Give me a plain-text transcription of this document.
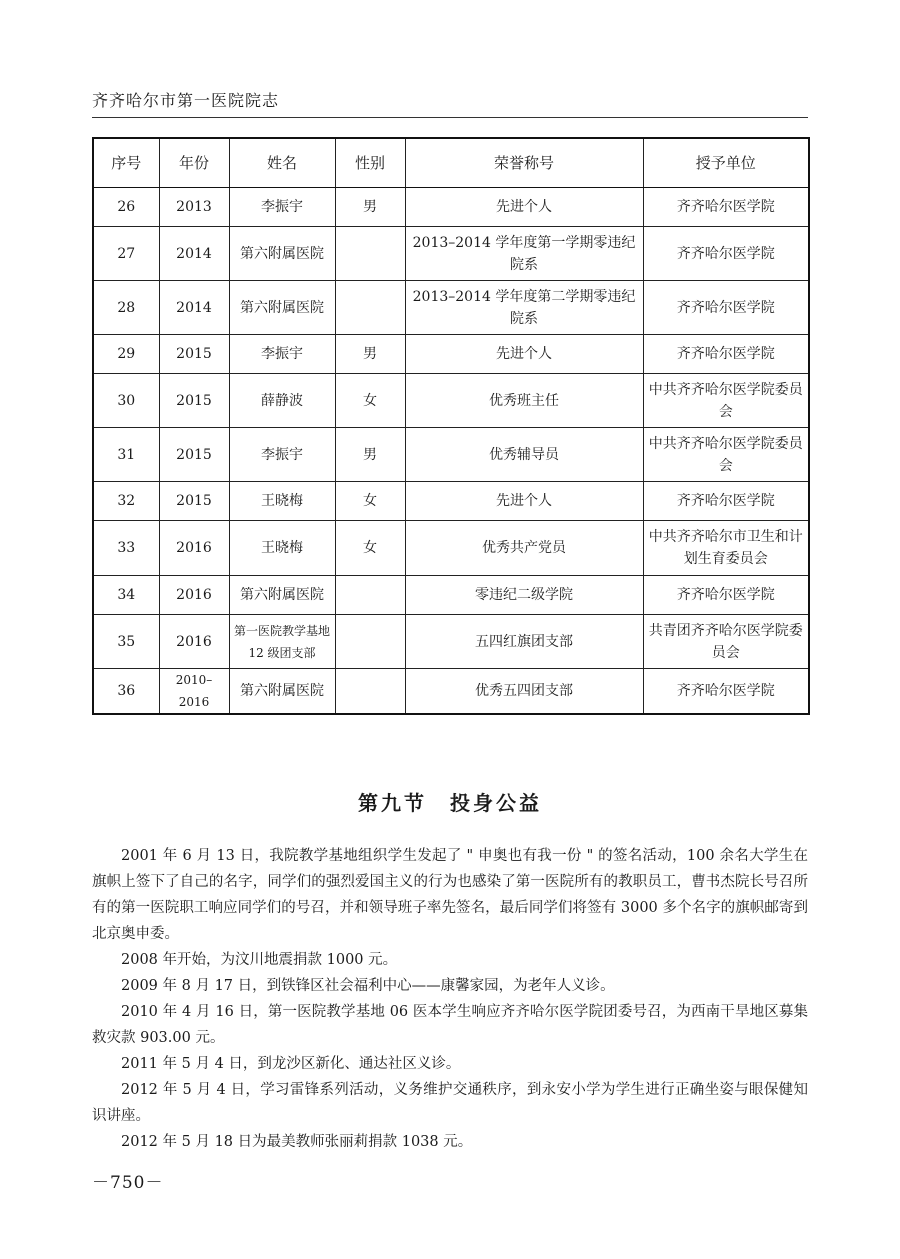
齐齐哈尔市第一医院院志
序号	年份	姓名	性别	荣誉称号	授予单位
26	2013	李振宇	男	先进个人	齐齐哈尔医学院
27	2014	第六附属医院		2013–2014 学年度第一学期零违纪院系	齐齐哈尔医学院
28	2014	第六附属医院		2013–2014 学年度第二学期零违纪院系	齐齐哈尔医学院
29	2015	李振宇	男	先进个人	齐齐哈尔医学院
30	2015	薛静波	女	优秀班主任	中共齐齐哈尔医学院委员会
31	2015	李振宇	男	优秀辅导员	中共齐齐哈尔医学院委员会
32	2015	王晓梅	女	先进个人	齐齐哈尔医学院
33	2016	王晓梅	女	优秀共产党员	中共齐齐哈尔市卫生和计划生育委员会
34	2016	第六附属医院		零违纪二级学院	齐齐哈尔医学院
35	2016	第一医院教学基地 12 级团支部		五四红旗团支部	共青团齐齐哈尔医学院委员会
36	2010–2016	第六附属医院		优秀五四团支部	齐齐哈尔医学院
第九节　投身公益

2001 年 6 月 13 日，我院教学基地组织学生发起了 " 申奥也有我一份 " 的签名活动，100 余名大学生在旗帜上签下了自己的名字，同学们的强烈爱国主义的行为也感染了第一医院所有的教职员工，曹书杰院长号召所有的第一医院职工响应同学们的号召，并和领导班子率先签名，最后同学们将签有 3000 多个名字的旗帜邮寄到北京奥申委。

2008 年开始，为汶川地震捐款 1000 元。

2009 年 8 月 17 日，到铁锋区社会福利中心——康馨家园，为老年人义诊。

2010 年 4 月 16 日，第一医院教学基地 06 医本学生响应齐齐哈尔医学院团委号召，为西南干旱地区募集救灾款 903.00 元。

2011 年 5 月 4 日，到龙沙区新化、通达社区义诊。

2012 年 5 月 4 日，学习雷锋系列活动，义务维护交通秩序，到永安小学为学生进行正确坐姿与眼保健知识讲座。

2012 年 5 月 18 日为最美教师张丽莉捐款 1038 元。

－750－
